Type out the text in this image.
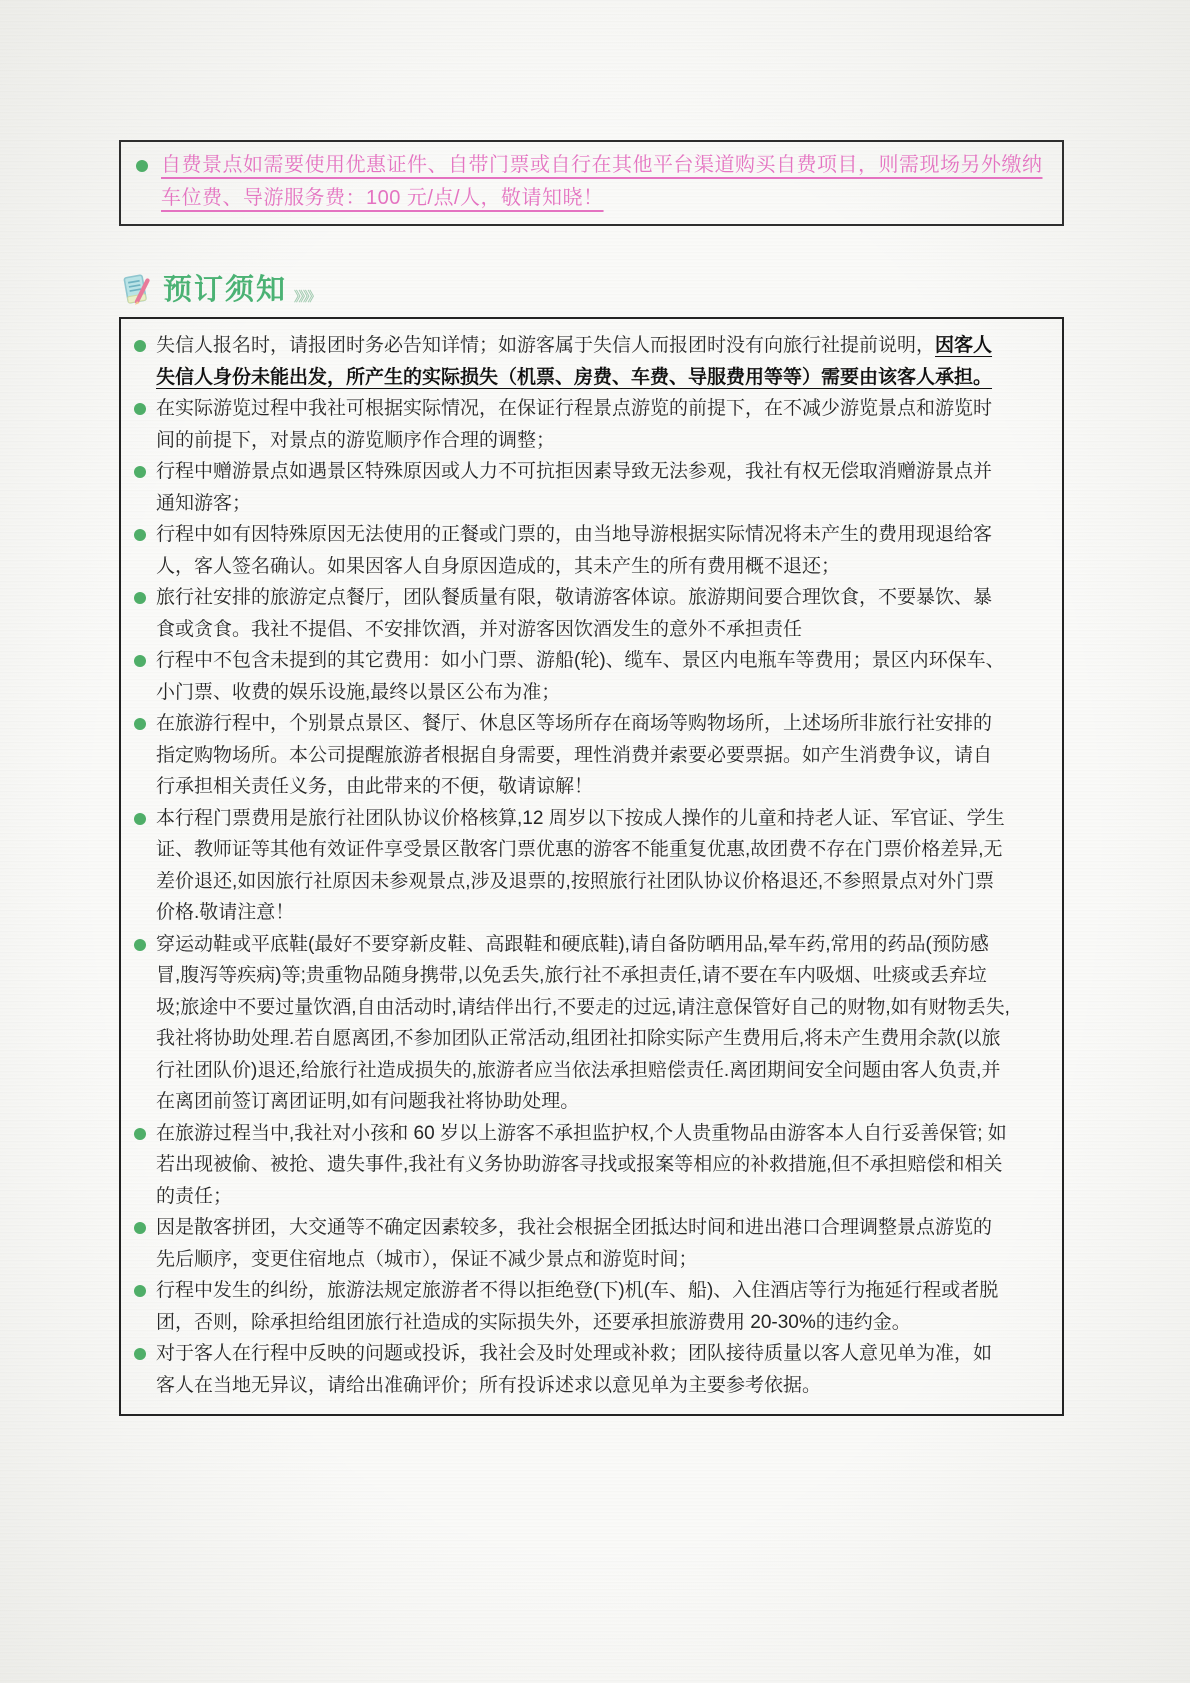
自费景点如需要使用优惠证件、自带门票或自行在其他平台渠道购买自费项目，则需现场另外缴纳车位费、导游服务费：100 元/点/人，敬请知晓！
预订须知 》》》》
失信人报名时，请报团时务必告知详情；如游客属于失信人而报团时没有向旅行社提前说明，因客人失信人身份未能出发，所产生的实际损失（机票、房费、车费、导服费用等等）需要由该客人承担。
在实际游览过程中我社可根据实际情况，在保证行程景点游览的前提下，在不减少游览景点和游览时间的前提下，对景点的游览顺序作合理的调整；
行程中赠游景点如遇景区特殊原因或人力不可抗拒因素导致无法参观，我社有权无偿取消赠游景点并通知游客；
行程中如有因特殊原因无法使用的正餐或门票的，由当地导游根据实际情况将未产生的费用现退给客人，客人签名确认。如果因客人自身原因造成的，其未产生的所有费用概不退还；
旅行社安排的旅游定点餐厅，团队餐质量有限，敬请游客体谅。旅游期间要合理饮食，不要暴饮、暴食或贪食。我社不提倡、不安排饮酒，并对游客因饮酒发生的意外不承担责任
行程中不包含未提到的其它费用：如小门票、游船(轮)、缆车、景区内电瓶车等费用；景区内环保车、小门票、收费的娱乐设施,最终以景区公布为准；
在旅游行程中，个别景点景区、餐厅、休息区等场所存在商场等购物场所，上述场所非旅行社安排的指定购物场所。本公司提醒旅游者根据自身需要，理性消费并索要必要票据。如产生消费争议，请自行承担相关责任义务，由此带来的不便，敬请谅解！
本行程门票费用是旅行社团队协议价格核算,12 周岁以下按成人操作的儿童和持老人证、军官证、学生证、教师证等其他有效证件享受景区散客门票优惠的游客不能重复优惠,故团费不存在门票价格差异,无差价退还,如因旅行社原因未参观景点,涉及退票的,按照旅行社团队协议价格退还,不参照景点对外门票价格.敬请注意！
穿运动鞋或平底鞋(最好不要穿新皮鞋、高跟鞋和硬底鞋),请自备防晒用品,晕车药,常用的药品(预防感冒,腹泻等疾病)等;贵重物品随身携带,以免丢失,旅行社不承担责任,请不要在车内吸烟、吐痰或丢弃垃圾;旅途中不要过量饮酒,自由活动时,请结伴出行,不要走的过远,请注意保管好自己的财物,如有财物丢失,我社将协助处理.若自愿离团,不参加团队正常活动,组团社扣除实际产生费用后,将未产生费用余款(以旅行社团队价)退还,给旅行社造成损失的,旅游者应当依法承担赔偿责任.离团期间安全问题由客人负责,并在离团前签订离团证明,如有问题我社将协助处理。
在旅游过程当中,我社对小孩和 60 岁以上游客不承担监护权,个人贵重物品由游客本人自行妥善保管; 如若出现被偷、被抢、遗失事件,我社有义务协助游客寻找或报案等相应的补救措施,但不承担赔偿和相关的责任；
因是散客拼团，大交通等不确定因素较多，我社会根据全团抵达时间和进出港口合理调整景点游览的先后顺序，变更住宿地点（城市），保证不减少景点和游览时间；
行程中发生的纠纷，旅游法规定旅游者不得以拒绝登(下)机(车、船)、入住酒店等行为拖延行程或者脱团，否则，除承担给组团旅行社造成的实际损失外，还要承担旅游费用 20-30%的违约金。
对于客人在行程中反映的问题或投诉，我社会及时处理或补救；团队接待质量以客人意见单为准，如客人在当地无异议，请给出准确评价；所有投诉述求以意见单为主要参考依据。
